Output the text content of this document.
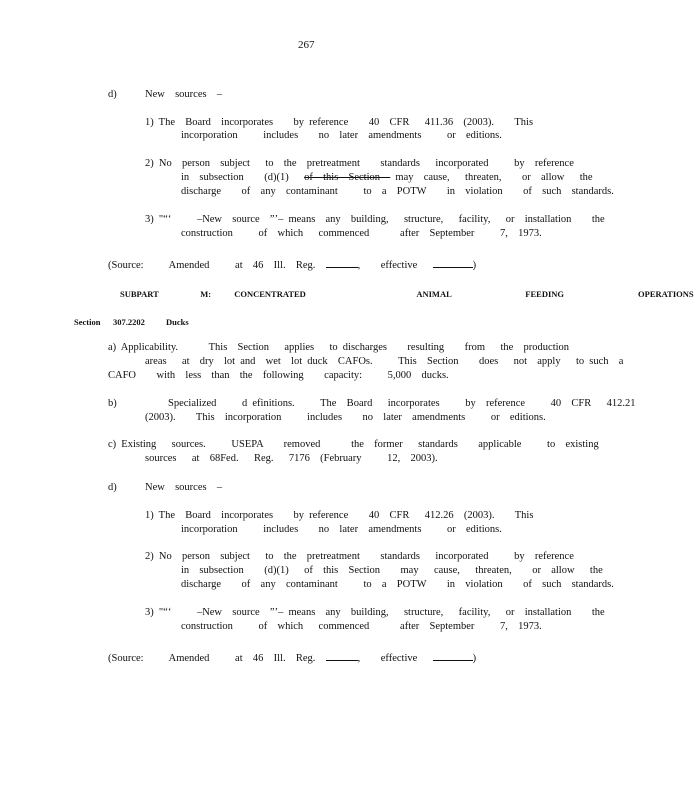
267
d)	New  sources  –
1) The  Board  incorporates    by reference    40  CFR   411.36  (2003).    This
incorporation     includes    no  later  amendments     or  editions.
2) No  person  subject   to  the  pretreatment    standards   incorporated     by  reference
in  subsection    (d)(1)   of  this  Section   may  cause,   threaten,    or  allow   the
discharge    of  any  contaminant     to  a  POTW    in  violation    of  such  standards.
3) "“‘     –New  source  ”’– means  any  building,   structure,   facility,   or  installation    the
construction     of  which   commenced      after  September     7,  1973.
(Source:     Amended     at  46  Ill.  Reg.	,    effective	)
SUBPART         M:     CONCENTRATED                        ANIMAL                FEEDING                OPERATIONS
Section 307.2202 Ducks
a) Applicability.      This  Section   applies   to discharges    resulting    from   the  production
areas   at  dry  lot and  wet  lot duck  CAFOs.     This  Section    does   not  apply   to such  a
CAFO    with  less  than  the  following    capacity:     5,000  ducks.
b)          Specialized     d efinitions.     The  Board   incorporates     by  reference     40  CFR   412.21
(2003).    This  incorporation     includes    no  later  amendments     or  editions.
c) Existing   sources.     USEPA    removed      the  former   standards    applicable     to  existing
sources   at  68Fed.   Reg.   7176  (February     12,  2003).
d)	New  sources  –
1) The  Board  incorporates    by reference    40  CFR   412.26  (2003).    This
incorporation     includes    no  later  amendments     or  editions.
2) No  person  subject   to  the  pretreatment    standards   incorporated     by  reference
in  subsection    (d)(1)   of  this  Section    may   cause,   threaten,    or  allow   the
discharge    of  any  contaminant     to  a  POTW    in  violation    of  such  standards.
3) "“‘     –New  source  ”’– means  any  building,   structure,   facility,   or  installation    the
construction     of  which   commenced      after  September     7,  1973.
(Source:     Amended     at  46  Ill.  Reg.	,    effective	)
